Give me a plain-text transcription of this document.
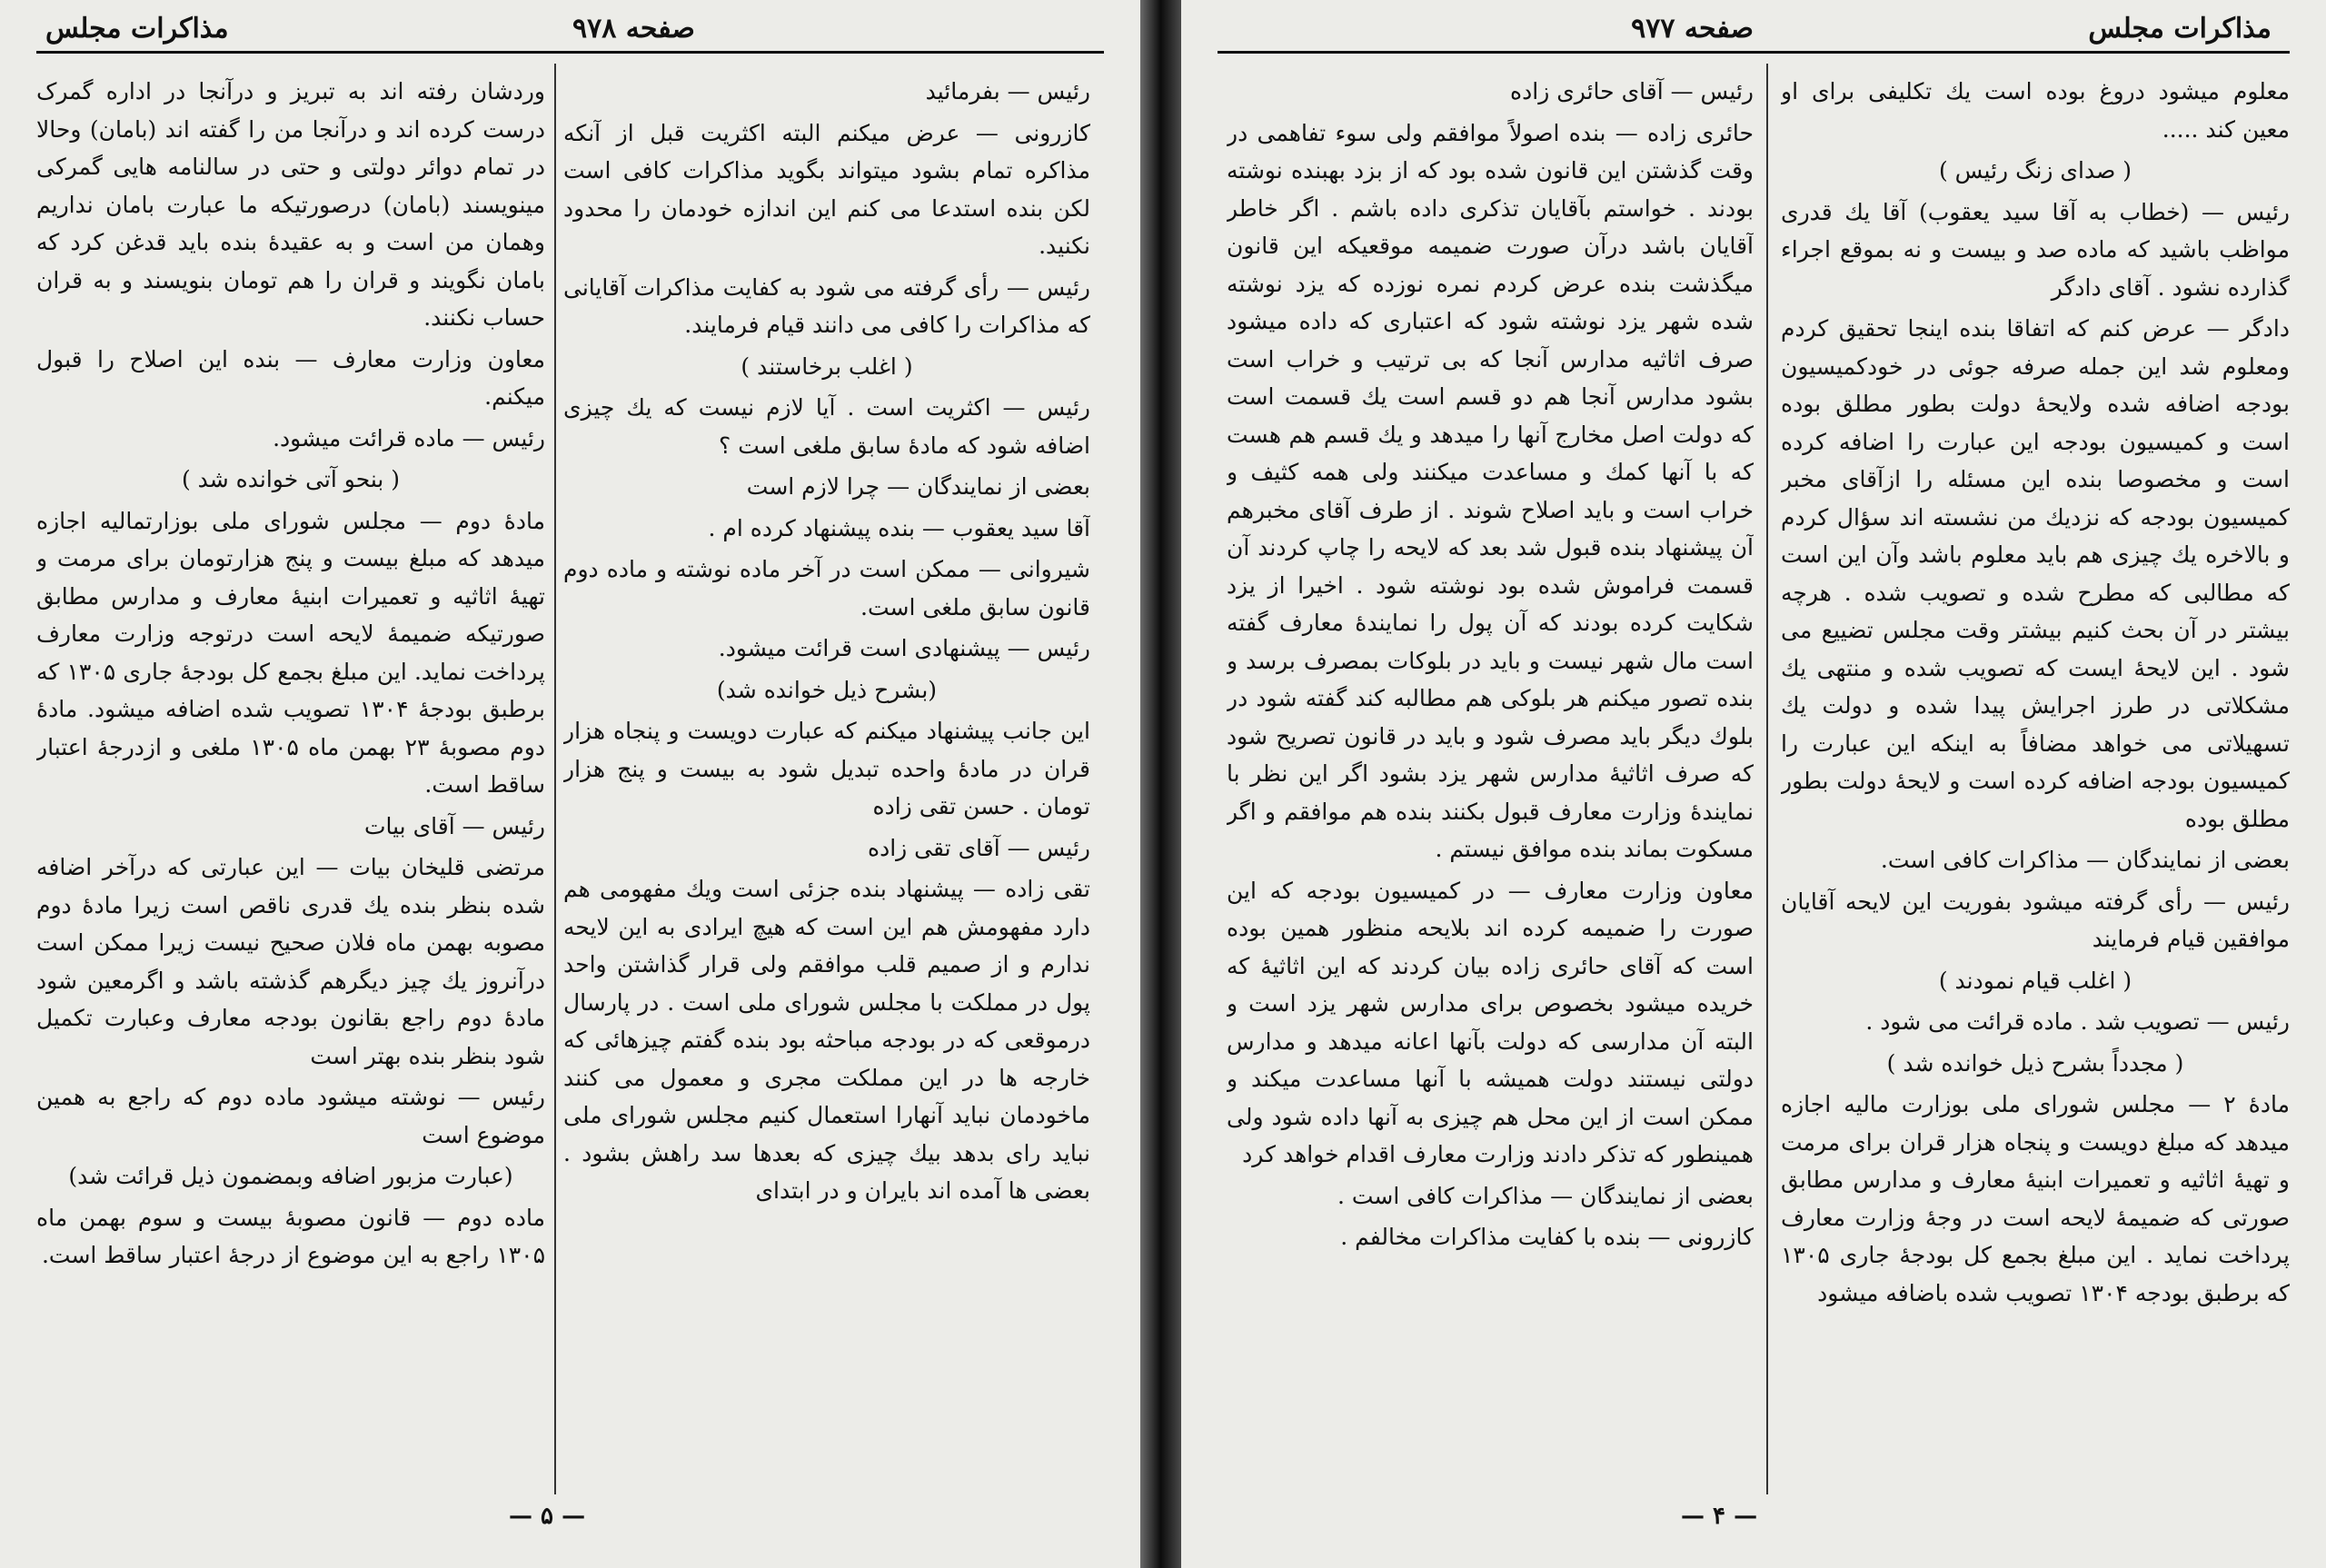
مذاکرات مجلس	صفحه ۹۷۸

وردشان رفته اند به تبریز و درآنجا در اداره گمرک درست کرده اند و درآنجا من را گفته اند (بامان) وحالا در تمام دوائر دولتی و حتی در سالنامه هایی گمرکی مینویسند (بامان) درصورتیکه ما عبارت بامان نداریم وهمان من است و به عقیدهٔ بنده باید قدغن کرد که بامان نگویند و قران را هم تومان بنویسند و به قران حساب نکنند.

معاون وزارت معارف — بنده این اصلاح را قبول میکنم.

رئیس — ماده قرائت میشود.

( بنحو آتی خوانده شد )

مادهٔ دوم — مجلس شورای ملی بوزارتمالیه اجازه میدهد که مبلغ بیست و پنج هزارتومان برای مرمت و تهیهٔ اثاثیه و تعمیرات ابنیهٔ معارف و مدارس مطابق صورتیکه ضمیمهٔ لایحه است درتوجه وزارت معارف پرداخت نماید. این مبلغ بجمع کل بودجهٔ جاری ۱۳۰۵ که برطبق بودجهٔ ۱۳۰۴ تصویب شده اضافه میشود. مادهٔ دوم مصوبهٔ ۲۳ بهمن ماه ۱۳۰۵ ملغی و ازدرجهٔ اعتبار ساقط است.

رئیس — آقای بیات

مرتضی قلیخان بیات — این عبارتی که درآخر اضافه شده بنظر بنده یك قدری ناقص است زیرا مادهٔ دوم مصوبه بهمن ماه فلان صحیح نیست زیرا ممکن است درآنروز یك چیز دیگرهم گذشته باشد و اگرمعین شود مادهٔ دوم راجع بقانون بودجه معارف وعبارت تکمیل شود بنظر بنده بهتر است

رئیس — نوشته میشود ماده دوم که راجع به همین موضوع است

(عبارت مزبور اضافه وبمضمون ذیل قرائت شد)

ماده دوم — قانون مصوبهٔ بیست و سوم بهمن ماه ۱۳۰۵ راجع به این موضوع از درجهٔ اعتبار ساقط است.

رئیس — بفرمائید

کازرونی — عرض میکنم البته اکثریت قبل از آنکه مذاکره تمام بشود میتواند بگوید مذاکرات کافی است لکن بنده استدعا می کنم این اندازه خودمان را محدود نکنید.

رئیس — رأی گرفته می شود به کفایت مذاکرات آقایانی که مذاکرات را کافی می دانند قیام فرمایند.

( اغلب برخاستند )

رئیس — اکثریت است . آیا لازم نیست که یك چیزی اضافه شود که مادهٔ سابق ملغی است ؟

بعضی از نمایندگان — چرا لازم است

آقا سید یعقوب — بنده پیشنهاد کرده ام .

شیروانی — ممکن است در آخر ماده نوشته و ماده دوم قانون سابق ملغی است.

رئیس — پیشنهادی است قرائت میشود.

(بشرح ذیل خوانده شد)

این جانب پیشنهاد میکنم که عبارت دویست و پنجاه هزار قران در مادهٔ واحده تبدیل شود به بیست و پنج هزار تومان . حسن تقی زاده

رئیس — آقای تقی زاده

تقی زاده — پیشنهاد بنده جزئی است ویك مفهومی هم دارد مفهومش هم این است که هیچ ایرادی به این لایحه ندارم و از صمیم قلب موافقم ولی قرار گذاشتن واحد پول در مملکت با مجلس شورای ملی است . در پارسال درموقعی که در بودجه مباحثه بود بنده گفتم چیزهائی که خارجه ها در این مملکت مجری و معمول می کنند ماخودمان نباید آنهارا استعمال کنیم مجلس شورای ملی نباید رای بدهد بیك چیزی که بعدها سد راهش بشود . بعضی ها آمده اند بایران و در ابتدای

— ۵ —
مذاکرات مجلس
صفحه ۹۷۷

معلوم میشود دروغ بوده است یك تکلیفی برای او معین کند .....

( صدای زنگ رئیس )

رئیس — (خطاب به آقا سید یعقوب) آقا یك قدری مواظب باشید که ماده صد و بیست و نه بموقع اجراء گذارده نشود . آقای دادگر

دادگر — عرض کنم که اتفاقا بنده اینجا تحقیق کردم ومعلوم شد این جمله صرفه جوئی در خودکمیسیون بودجه اضافه شده ولایحهٔ دولت بطور مطلق بوده است و کمیسیون بودجه این عبارت را اضافه کرده است و مخصوصا بنده این مسئله را ازآقای مخبر کمیسیون بودجه که نزدیك من نشسته اند سؤال کردم و بالاخره یك چیزی هم باید معلوم باشد وآن این است که مطالبی که مطرح شده و تصویب شده . هرچه بیشتر در آن بحث کنیم بیشتر وقت مجلس تضییع می شود . این لایحهٔ ایست که تصویب شده و منتهی یك مشکلاتی در طرز اجرایش پیدا شده و دولت یك تسهیلاتی می خواهد مضافاً به اینکه این عبارت را کمیسیون بودجه اضافه کرده است و لایحهٔ دولت بطور مطلق بوده

بعضی از نمایندگان — مذاکرات کافی است.

رئیس — رأی گرفته میشود بفوریت این لایحه آقایان موافقین قیام فرمایند

( اغلب قیام نمودند )

رئیس — تصویب شد . ماده قرائت می شود .

( مجدداً بشرح ذیل خوانده شد )

مادهٔ ۲ — مجلس شورای ملی بوزارت مالیه اجازه میدهد که مبلغ دویست و پنجاه هزار قران برای مرمت و تهیهٔ اثاثیه و تعمیرات ابنیهٔ معارف و مدارس مطابق صورتی که ضمیمهٔ لایحه است در وجهٔ وزارت معارف پرداخت نماید . این مبلغ بجمع کل بودجهٔ جاری ۱۳۰۵ که برطبق بودجه ۱۳۰۴ تصویب شده باضافه میشود

رئیس — آقای حائری زاده

حائری زاده — بنده اصولاً موافقم ولی سوء تفاهمی در وقت گذشتن این قانون شده بود که از بزد بهبنده نوشته بودند . خواستم بآقایان تذکری داده باشم . اگر خاطر آقایان باشد درآن صورت ضمیمه موقعیکه این قانون میگذشت بنده عرض کردم نمره نوزده که یزد نوشته شده شهر یزد نوشته شود که اعتباری که داده میشود صرف اثاثیه مدارس آنجا که بی ترتیب و خراب است بشود مدارس آنجا هم دو قسم است یك قسمت است که دولت اصل مخارج آنها را میدهد و یك قسم هم هست که با آنها کمك و مساعدت میکنند ولی همه کثیف و خراب است و باید اصلاح شوند . از طرف آقای مخبرهم آن پیشنهاد بنده قبول شد بعد که لایحه را چاپ کردند آن قسمت فراموش شده بود نوشته شود . اخیرا از یزد شکایت کرده بودند که آن پول را نمایندهٔ معارف گفته است مال شهر نیست و باید در بلوکات بمصرف برسد و بنده تصور میکنم هر بلوکی هم مطالبه کند گفته شود در بلوك دیگر باید مصرف شود و باید در قانون تصریح شود که صرف اثاثیهٔ مدارس شهر یزد بشود اگر این نظر با نمایندهٔ وزارت معارف قبول بکنند بنده هم موافقم و اگر مسکوت بماند بنده موافق نیستم .

معاون وزارت معارف — در کمیسیون بودجه که این صورت را ضمیمه کرده اند بلایحه منظور همین بوده است که آقای حائری زاده بیان کردند که این اثاثیهٔ که خریده میشود بخصوص برای مدارس شهر یزد است و البته آن مدارسی که دولت بآنها اعانه میدهد و مدارس دولتی نیستند دولت همیشه با آنها مساعدت میکند و ممکن است از این محل هم چیزی به آنها داده شود ولی همینطور که تذکر دادند وزارت معارف اقدام خواهد کرد

بعضی از نمایندگان — مذاکرات کافی است .

کازرونی — بنده با کفایت مذاکرات مخالفم .

— ۴ —
